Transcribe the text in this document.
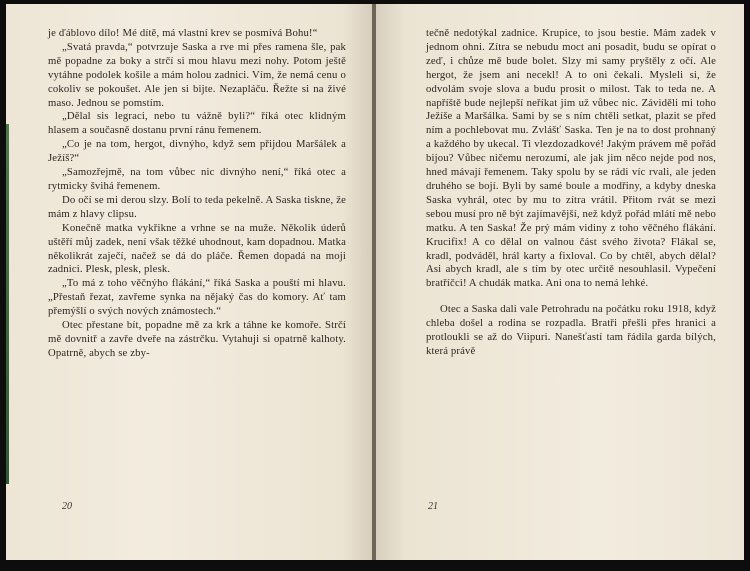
je ďáblovo dílo! Mé dítě, má vlastní krev se posmívá Bohu!“

„Svatá pravda,“ potvrzuje Saska a rve mi přes ramena šle, pak mě popadne za boky a strčí si mou hlavu mezi nohy. Potom ještě vytáhne podolek košile a mám holou zadnici. Vím, že nemá cenu o cokoliv se pokoušet. Ale jen si bijte. Nezapláču. Řežte si na živé maso. Jednou se pomstím.

„Dělal sis legraci, nebo tu vážně byli?“ říká otec klidným hlasem a současně dostanu první ránu řemenem.

„Co je na tom, hergot, divnýho, když sem přijdou Maršálek a Ježíš?“

„Samozřejmě, na tom vůbec nic divnýho není,“ říká otec a rytmicky švihá řemenem.

Do očí se mi derou slzy. Bolí to teda pekelně. A Saska tiskne, že mám z hlavy clipsu.

Konečně matka vykřikne a vrhne se na muže. Několik úderů uštěří můj zadek, není však těžké uhodnout, kam dopadnou. Matka několikrát zaječí, načež se dá do pláče. Řemen dopadá na moji zadnici. Plesk, plesk, plesk.

„To má z toho věčnýho flákání,“ říká Saska a pouští mi hlavu. „Přestaň řezat, zavřeme synka na nějaký čas do komory. Ať tam přemýšlí o svých nových známostech.“

Otec přestane bít, popadne mě za krk a táhne ke komoře. Strčí mě dovnitř a zavře dveře na zástrčku. Vytahuji si opatrně kalhoty. Opatrně, abych se zby-

20

tečně nedotýkal zadnice. Krupice, to jsou bestie. Mám zadek v jednom ohni. Zítra se nebudu moct ani posadit, budu se opírat o zeď, i chůze mě bude bolet. Slzy mi samy pryštěly z očí. Ale hergot, že jsem ani necekl! A to oni čekali. Mysleli si, že odvolám svoje slova a budu prosit o milost. Tak to teda ne. A napříště bude nejlepší neříkat jim už vůbec nic. Záviděli mi toho Ježíše a Maršálka. Sami by se s ním chtěli setkat, plazit se před ním a pochlebovat mu. Zvlášť Saska. Ten je na to dost prohnaný a každého by ukecal. Ti vlezdozadkové! Jakým právem mě pořád bijou? Vůbec ničemu nerozumí, ale jak jim něco nejde pod nos, hned mávají řemenem. Taky spolu by se rádi víc rvali, ale jeden druhého se bojí. Byli by samé boule a modřiny, a kdyby dneska Saska vyhrál, otec by mu to zítra vrátil. Přitom rvát se mezi sebou musí pro ně být zajímavější, než když pořád mlátí mě nebo matku. A ten Saska! Že prý mám vidiny z toho věčného flákání. Krucifix! A co dělal on valnou část svého života? Flákal se, kradl, podváděl, hrál karty a fixloval. Co by chtěl, abych dělal? Asi abych kradl, ale s tím by otec určitě nesouhlasil. Vypečení bratříčci! A chudák matka. Ani ona to nemá lehké.

Otec a Saska dali vale Petrohradu na počátku roku 1918, když chleba došel a rodina se rozpadla. Bratři přešli přes hranici a protloukli se až do Viipuri. Nanešťastí tam řádila garda bílých, která právě

21
